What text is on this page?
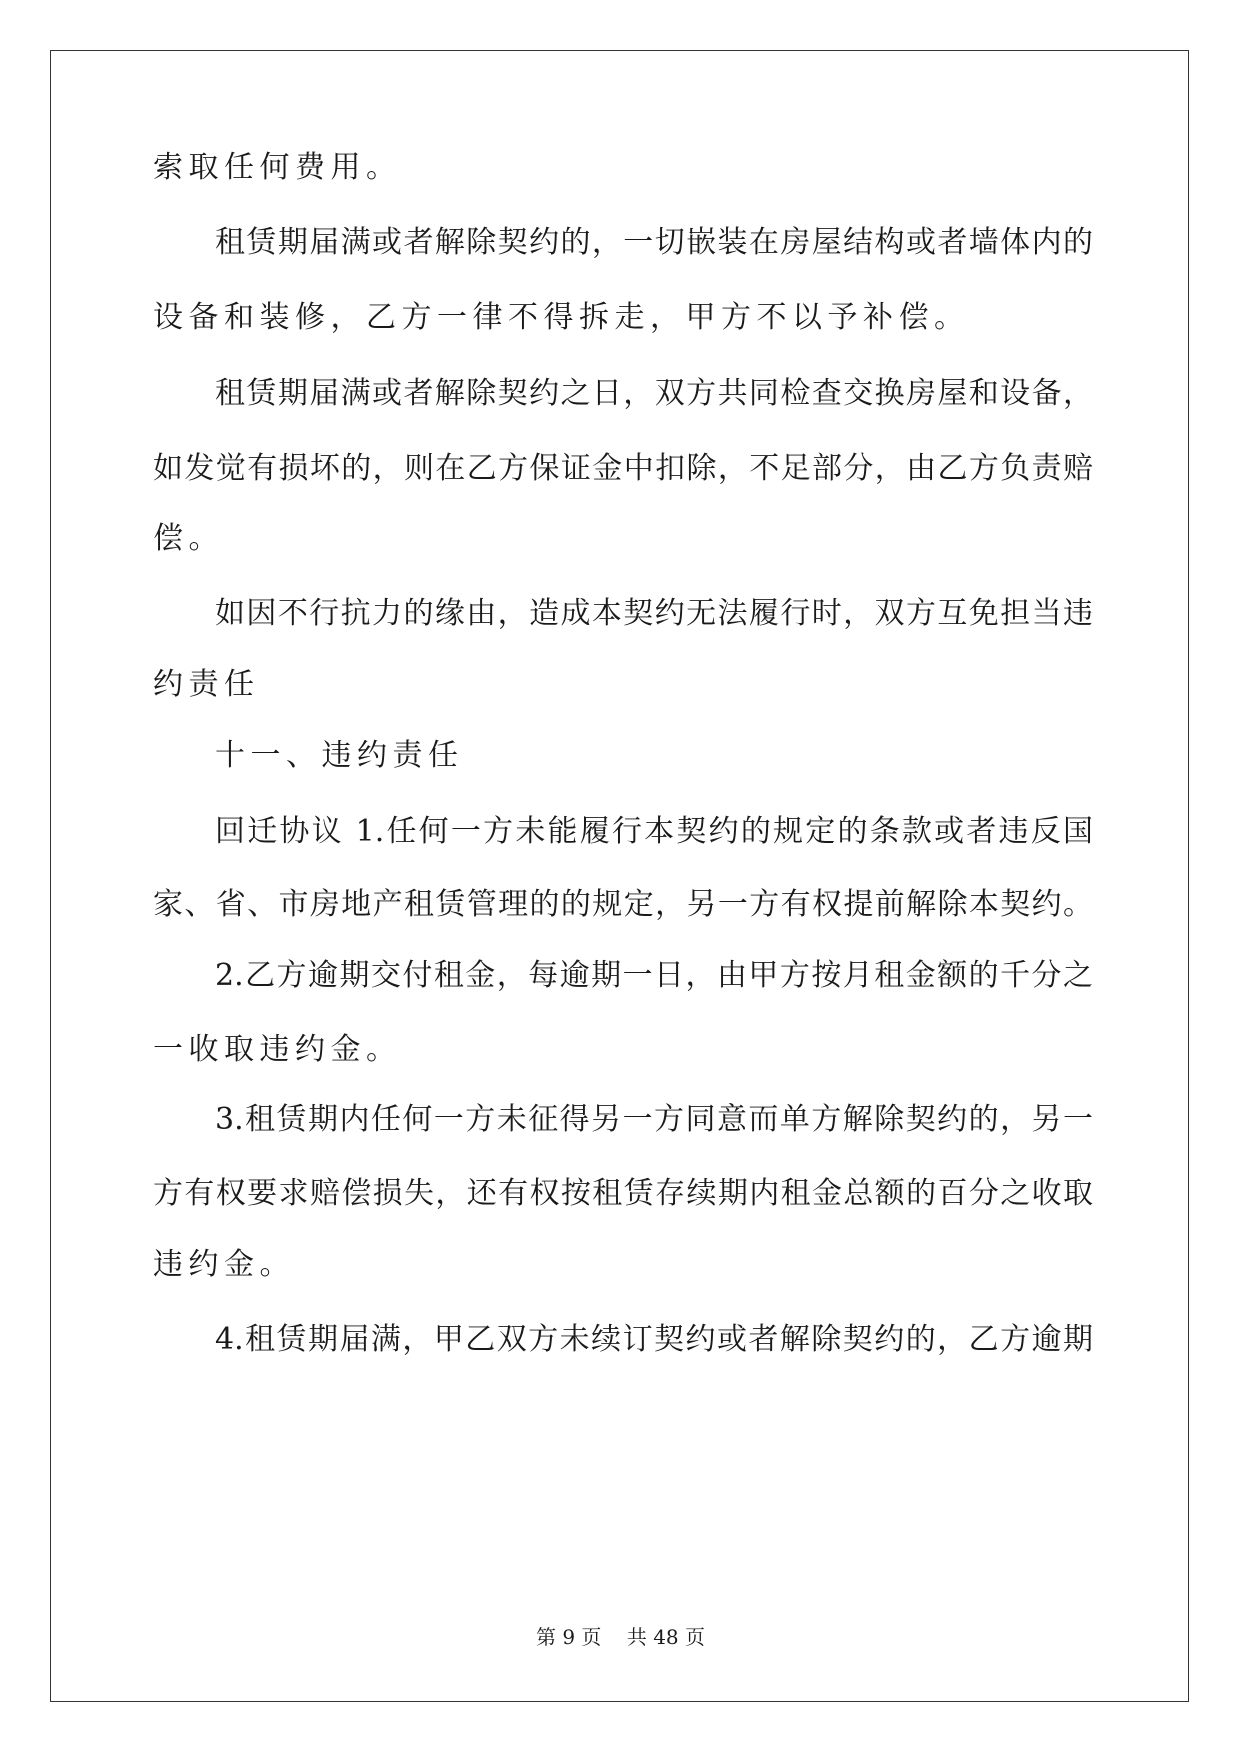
索取任何费用。
租赁期届满或者解除契约的，一切嵌装在房屋结构或者墙体内的
设备和装修，乙方一律不得拆走，甲方不以予补偿。
租赁期届满或者解除契约之日，双方共同检查交换房屋和设备，
如发觉有损坏的，则在乙方保证金中扣除，不足部分，由乙方负责赔
偿。
如因不行抗力的缘由，造成本契约无法履行时，双方互免担当违
约责任
十一、违约责任
回迁协议 1.任何一方未能履行本契约的规定的条款或者违反国
家、省、市房地产租赁管理的的规定，另一方有权提前解除本契约。
2.乙方逾期交付租金，每逾期一日，由甲方按月租金额的千分之
一收取违约金。
3.租赁期内任何一方未征得另一方同意而单方解除契约的，另一
方有权要求赔偿损失，还有权按租赁存续期内租金总额的百分之收取
违约金。
4.租赁期届满，甲乙双方未续订契约或者解除契约的，乙方逾期
第 9 页    共 48 页
